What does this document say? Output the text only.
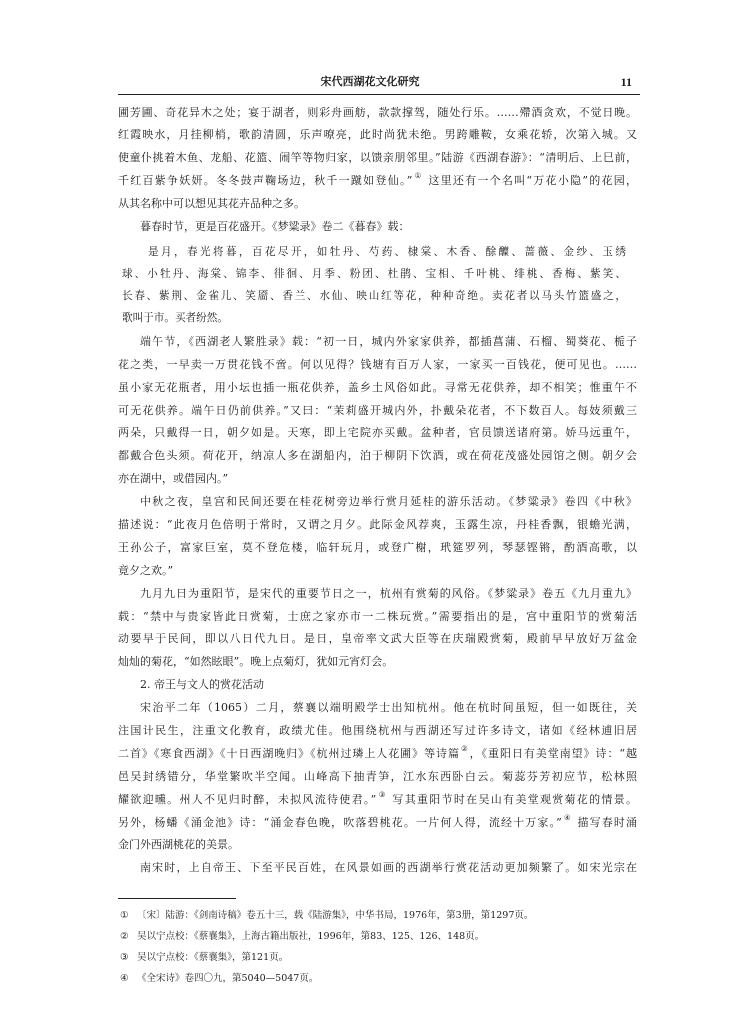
宋代西湖花文化研究	11
圃芳圃、奇花异木之处；宴于湖者，则彩舟画舫，款款撑驾，随处行乐。……殢酒贪欢，不觉日晚。
红霞映水，月挂柳梢，歌韵清圆，乐声嘹亮，此时尚犹未绝。男跨雕鞍，女乘花轿，次第入城。又
使童仆挑着木鱼、龙船、花篮、闹竿等物归家，以馈亲朋邻里。”陆游《西湖春游》：“清明后、上巳前，
千红百紫争妖妍。冬冬鼓声鞠场边，秋千一蹴如登仙。”① 这里还有一个名叫“万花小隐”的花园，
从其名称中可以想见其花卉品种之多。
暮春时节，更是百花盛开。《梦粱录》卷二《暮春》载：
是月，春光将暮，百花尽开，如牡丹、芍药、棣棠、木香、酴醾、蔷薇、金纱、玉绣
球、小牡丹、海棠、锦李、徘徊、月季、粉团、杜鹃、宝相、千叶桃、绯桃、香梅、紫笑、
长春、紫荆、金雀儿、笑靥、香兰、水仙、映山红等花，种种奇绝。卖花者以马头竹篮盛之，
歌叫于市。买者纷然。
端午节，《西湖老人繁胜录》载：“初一日，城内外家家供养，都插菖蒲、石榴、蜀葵花、栀子
花之类，一早卖一万贯花钱不啻。何以见得？钱塘有百万人家，一家买一百钱花，便可见也。……
虽小家无花瓶者，用小坛也插一瓶花供养，盖乡土风俗如此。寻常无花供养，却不相笑；惟重午不
可无花供养。端午日仍前供养。”又曰：“茉莉盛开城内外，扑戴朵花者，不下数百人。每妓须戴三
两朵，只戴得一日，朝夕如是。天寒，即上宅院亦买戴。盆种者，官员馈送诸府第。娇马远重午，
都戴合色头须。荷花开，纳凉人多在湖船内，泊于柳阴下饮酒，或在荷花茂盛处园馆之侧。朝夕会
亦在湖中，或借园内。”
中秋之夜，皇宫和民间还要在桂花树旁边举行赏月延桂的游乐活动。《梦粱录》卷四《中秋》
描述说：“此夜月色倍明于常时，又谓之月夕。此际金风荐爽，玉露生凉，丹桂香飘，银蟾光满，
王孙公子，富家巨室，莫不登危楼，临轩玩月，或登广榭，玳筵罗列，琴瑟铿锵，酌酒高歌，以
竟夕之欢。”
九月九日为重阳节，是宋代的重要节日之一，杭州有赏菊的风俗。《梦粱录》卷五《九月重九》
载：“禁中与贵家皆此日赏菊，士庶之家亦市一二株玩赏。”需要指出的是，宫中重阳节的赏菊活
动要早于民间，即以八日代九日。是日，皇帝率文武大臣等在庆瑞殿赏菊，殿前早早放好万盆金
灿灿的菊花，“如然眩眼”。晚上点菊灯，犹如元宵灯会。
2. 帝王与文人的赏花活动
宋治平二年（1065）二月，蔡襄以端明殿学士出知杭州。他在杭时间虽短，但一如既往，关
注国计民生，注重文化教育，政绩尤佳。他围绕杭州与西湖还写过许多诗文，诸如《经林逋旧居
二首》《寒食西湖》《十日西湖晚归》《杭州过璘上人花圃》等诗篇②，《重阳日有美堂南望》诗：“越
邑吴封绣错分，华堂繁吹半空闻。山峰高下抽青笋，江水东西卧白云。菊蕊芬芳初应节，松林照
耀欲迎曛。州人不见归时醉，未拟风流待使君。”③ 写其重阳节时在吴山有美堂观赏菊花的情景。
另外，杨蟠《涌金池》诗：“涌金春色晚，吹落碧桃花。一片何人得，流经十万家。”④ 描写春时涌
金门外西湖桃花的美景。
南宋时，上自帝王、下至平民百姓，在风景如画的西湖举行赏花活动更加频繁了。如宋光宗在
① 〔宋〕陆游：《剑南诗稿》卷五十三，载《陆游集》，中华书局，1976年，第3册，第1297页。
② 吴以宁点校：《蔡襄集》，上海古籍出版社，1996年，第83、125、126、148页。
③ 吴以宁点校：《蔡襄集》，第121页。
④ 《全宋诗》卷四〇九，第5040—5047页。
